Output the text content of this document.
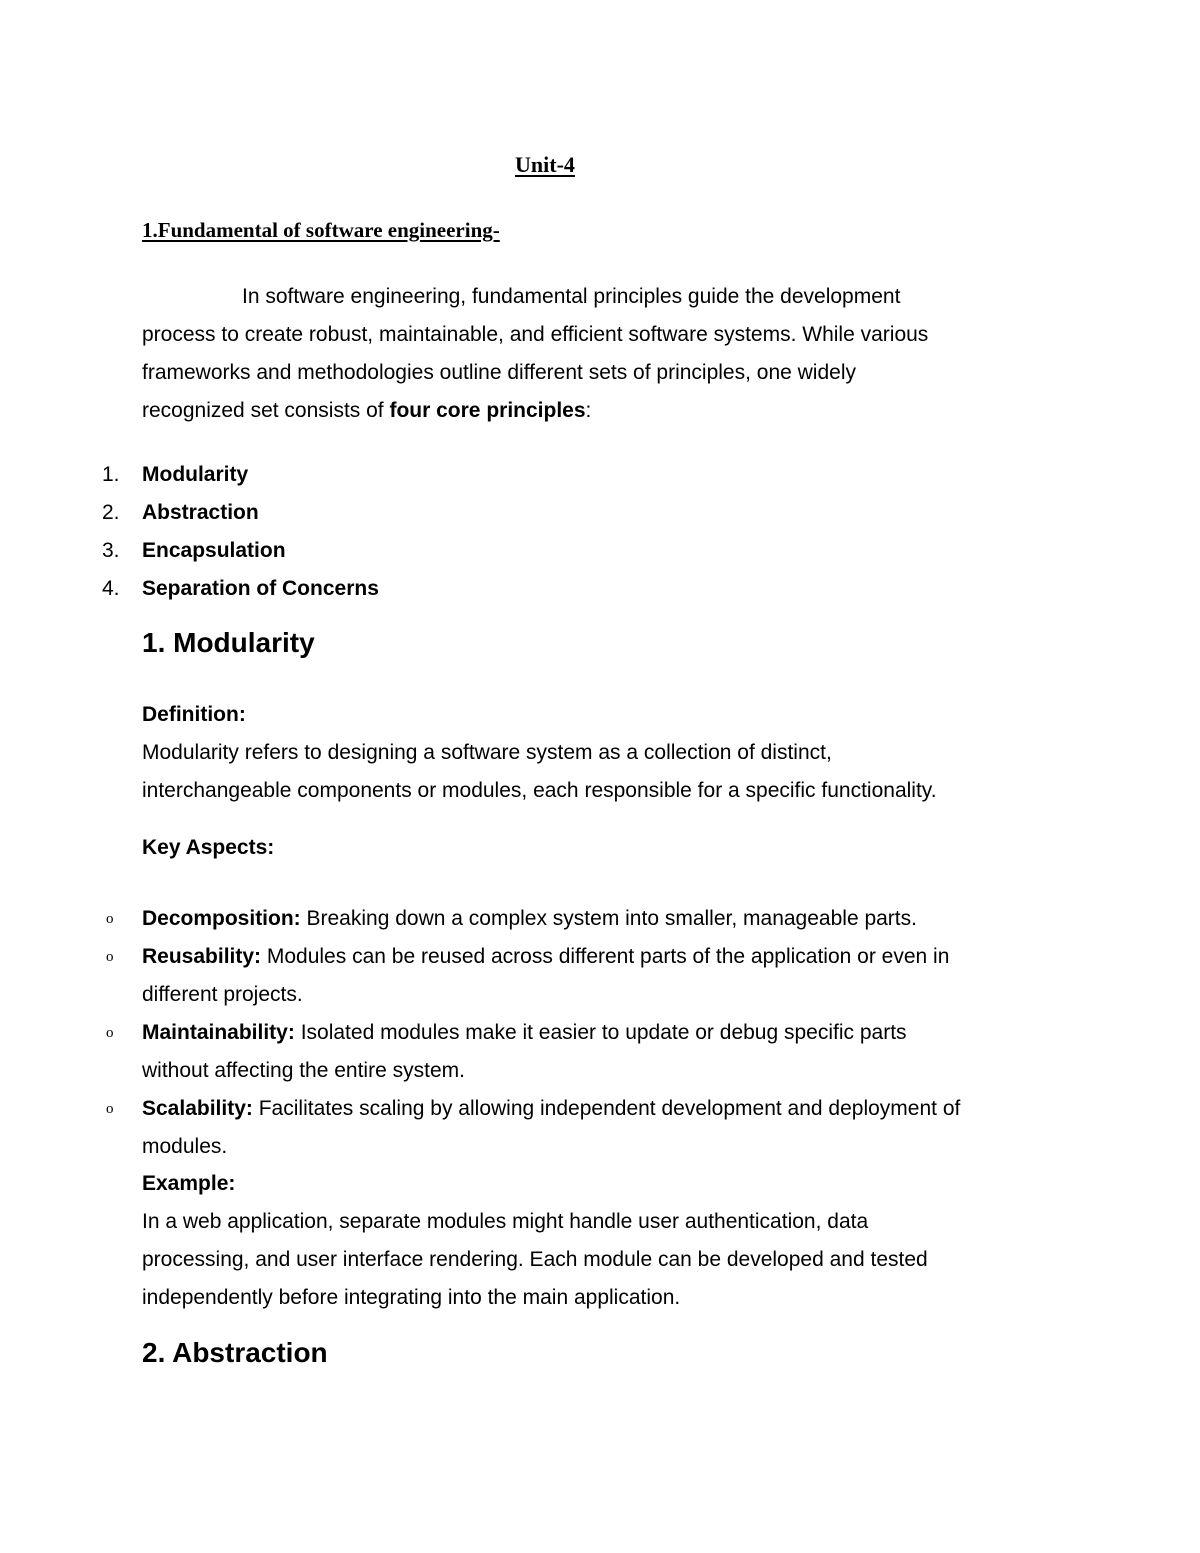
Unit-4
1.Fundamental of software engineering-

In software engineering, fundamental principles guide the development

process to create robust, maintainable, and efficient software systems. While various

frameworks and methodologies outline different sets of principles, one widely

recognized set consists of four core principles:

1.	Modularity
2.	Abstraction
3.	Encapsulation
4.	Separation of Concerns
1. Modularity
Definition:
Modularity refers to designing a software system as a collection of distinct,
interchangeable components or modules, each responsible for a specific functionality.
Key Aspects:
o Decomposition: Breaking down a complex system into smaller, manageable parts.
o Reusability: Modules can be reused across different parts of the application or even in
different projects.
o Maintainability: Isolated modules make it easier to update or debug specific parts
without affecting the entire system.
o Scalability: Facilitates scaling by allowing independent development and deployment of
modules.
Example:
In a web application, separate modules might handle user authentication, data
processing, and user interface rendering. Each module can be developed and tested
independently before integrating into the main application.
2. Abstraction
